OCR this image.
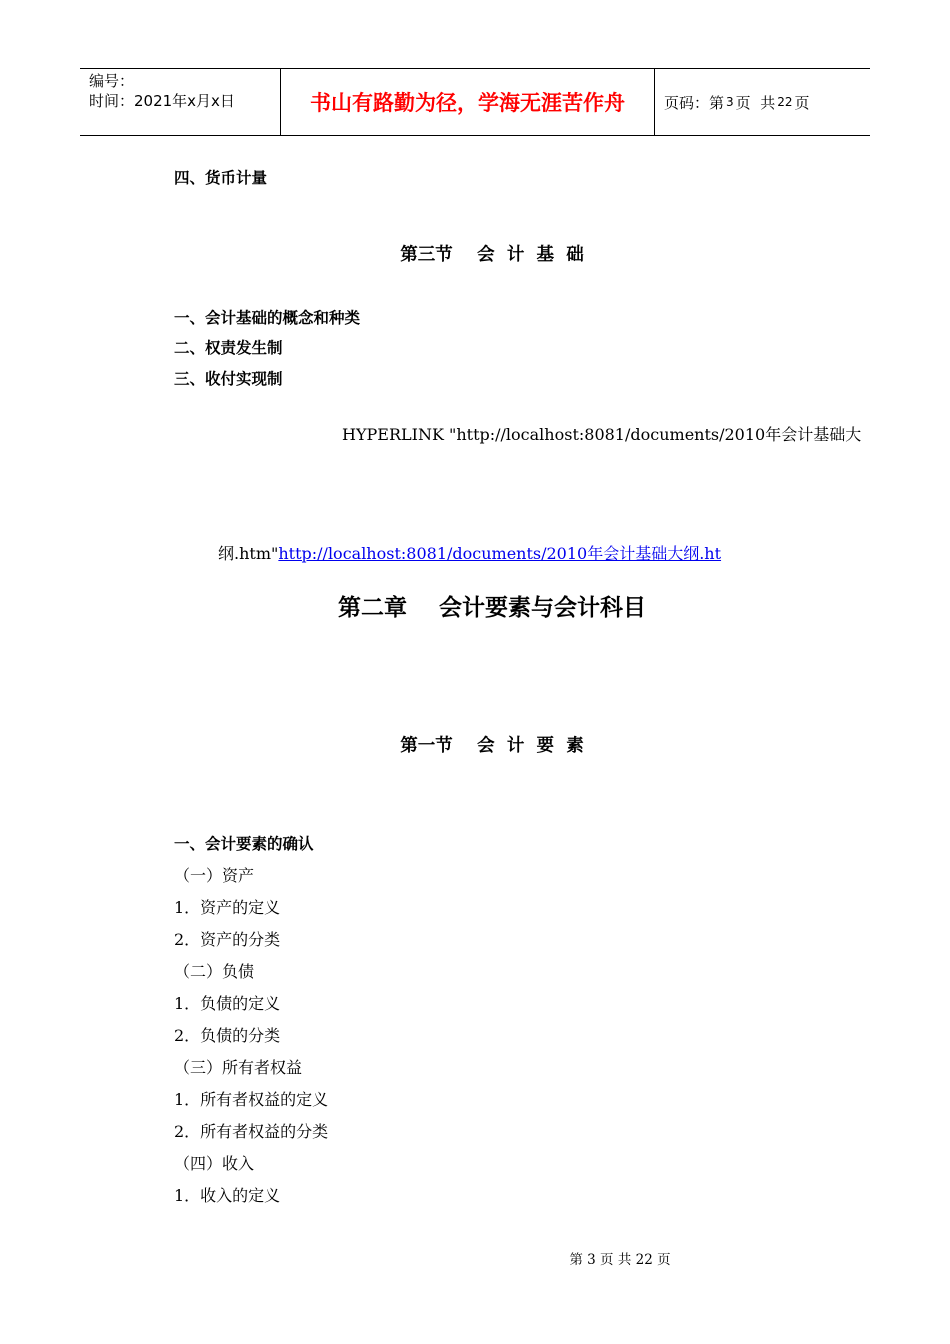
编号：
时间：2021年x月x日	书山有路勤为径，学海无涯苦作舟	页码：第 3 页  共 22 页
四、货币计量
第三节    会  计  基  础
一、会计基础的概念和种类
二、权责发生制
三、收付实现制
HYPERLINK "http://localhost:8081/documents/2010年会计基础大
纲.htm"http://localhost:8081/documents/2010年会计基础大纲.ht
第二章    会计要素与会计科目
第一节    会  计  要  素
一、会计要素的确认
（一）资产
1．资产的定义
2．资产的分类
（二）负债
1．负债的定义
2．负债的分类
（三）所有者权益
1．所有者权益的定义
2．所有者权益的分类
（四）收入
1．收入的定义
第 3 页 共 22 页
